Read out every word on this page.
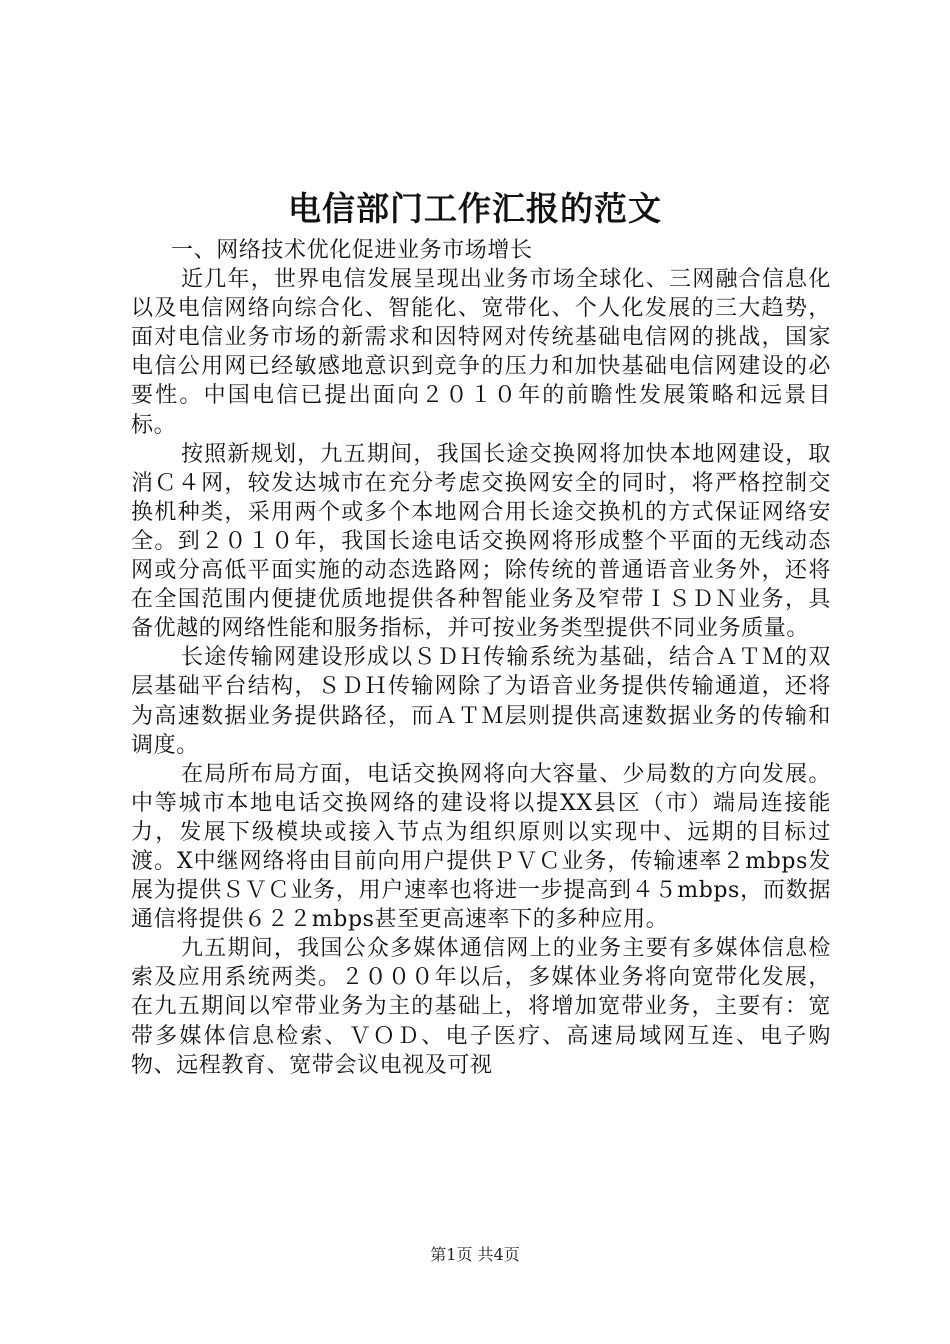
电信部门工作汇报的范文

一、网络技术优化促进业务市场增长

近几年，世界电信发展呈现出业务市场全球化、三网融合信息化以及电信网络向综合化、智能化、宽带化、个人化发展的三大趋势，面对电信业务市场的新需求和因特网对传统基础电信网的挑战，国家电信公用网已经敏感地意识到竞争的压力和加快基础电信网建设的必要性。中国电信已提出面向２０１０年的前瞻性发展策略和远景目标。

按照新规划，九五期间，我国长途交换网将加快本地网建设，取消Ｃ４网，较发达城市在充分考虑交换网安全的同时，将严格控制交换机种类，采用两个或多个本地网合用长途交换机的方式保证网络安全。到２０１０年，我国长途电话交换网将形成整个平面的无线动态网或分高低平面实施的动态选路网；除传统的普通语音业务外，还将在全国范围内便捷优质地提供各种智能业务及窄带ＩＳＤＮ业务，具备优越的网络性能和服务指标，并可按业务类型提供不同业务质量。

长途传输网建设形成以ＳＤＨ传输系统为基础，结合ＡＴＭ的双层基础平台结构，ＳＤＨ传输网除了为语音业务提供传输通道，还将为高速数据业务提供路径，而ＡＴＭ层则提供高速数据业务的传输和调度。

在局所布局方面，电话交换网将向大容量、少局数的方向发展。中等城市本地电话交换网络的建设将以提XX县区（市）端局连接能力，发展下级模块或接入节点为组织原则以实现中、远期的目标过渡。X中继网络将由目前向用户提供ＰＶＣ业务，传输速率２mbps发展为提供ＳＶＣ业务，用户速率也将进一步提高到４５mbps，而数据通信将提供６２２mbps甚至更高速率下的多种应用。

九五期间，我国公众多媒体通信网上的业务主要有多媒体信息检索及应用系统两类。２０００年以后，多媒体业务将向宽带化发展，在九五期间以窄带业务为主的基础上，将增加宽带业务，主要有：宽带多媒体信息检索、ＶＯＤ、电子医疗、高速局域网互连、电子购物、远程教育、宽带会议电视及可视

第1页 共4页
